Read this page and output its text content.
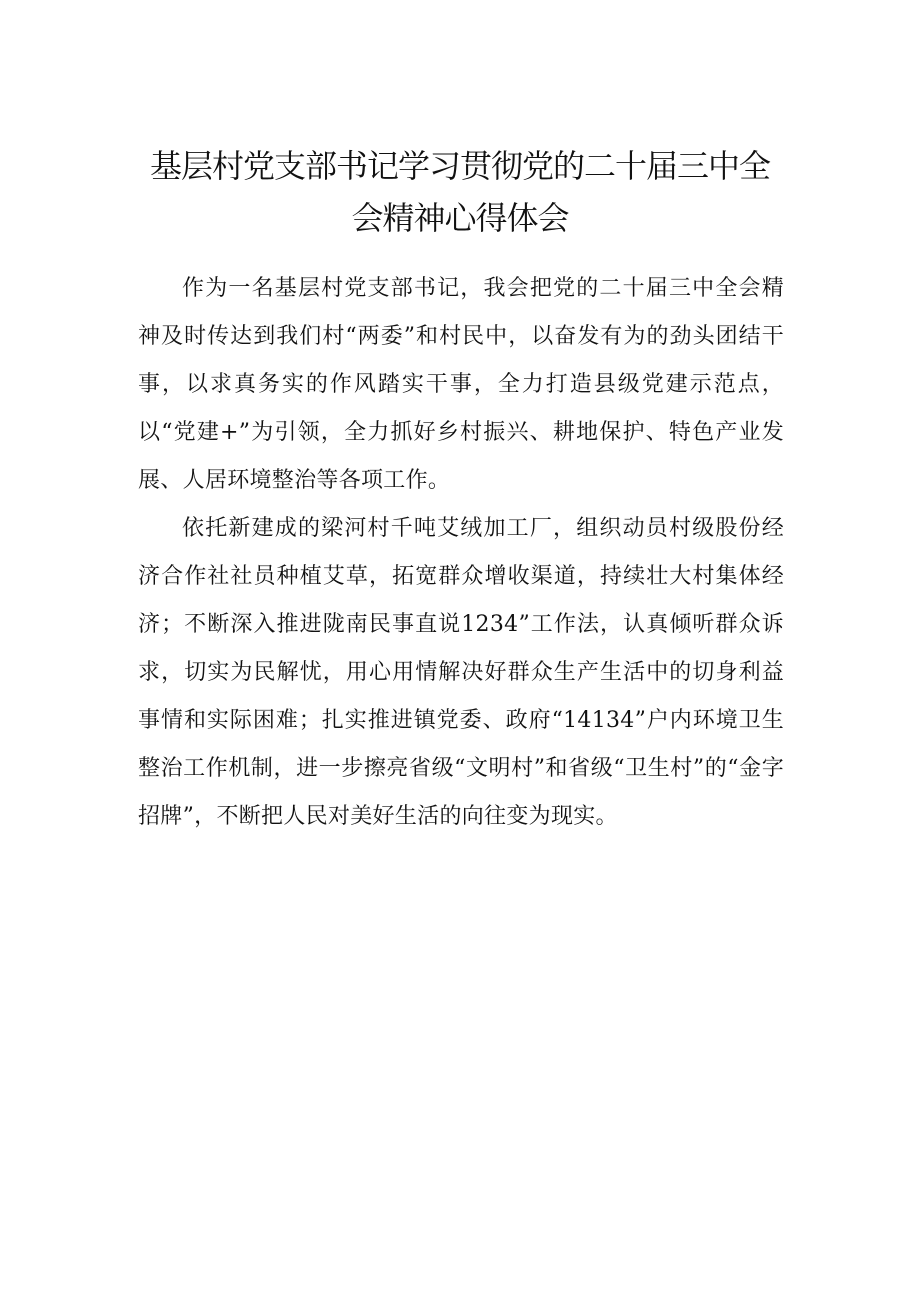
基层村党支部书记学习贯彻党的二十届三中全
会精神心得体会

作为一名基层村党支部书记，我会把党的二十届三中全会精神及时传达到我们村“两委”和村民中，以奋发有为的劲头团结干事，以求真务实的作风踏实干事，全力打造县级党建示范点，以“党建+”为引领，全力抓好乡村振兴、耕地保护、特色产业发展、人居环境整治等各项工作。

依托新建成的梁河村千吨艾绒加工厂，组织动员村级股份经济合作社社员种植艾草，拓宽群众增收渠道，持续壮大村集体经济；不断深入推进陇南民事直说1234”工作法，认真倾听群众诉求，切实为民解忧，用心用情解决好群众生产生活中的切身利益事情和实际困难；扎实推进镇党委、政府“14134”户内环境卫生整治工作机制，进一步擦亮省级“文明村”和省级“卫生村”的“金字招牌”，不断把人民对美好生活的向往变为现实。
